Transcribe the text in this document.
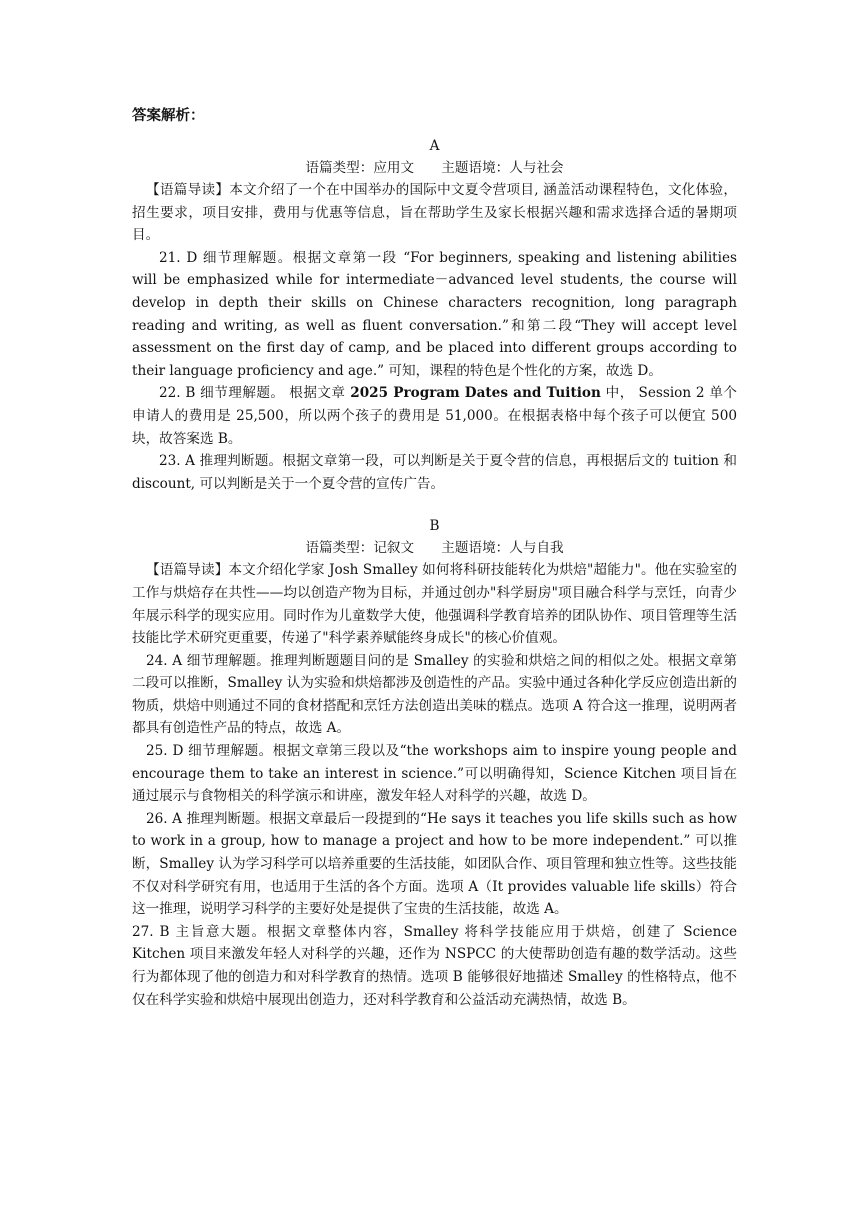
答案解析：
A
语篇类型：应用文　　主题语境：人与社会

【语篇导读】本文介绍了一个在中国举办的国际中文夏令营项目, 涵盖活动课程特色，文化体验，招生要求，项目安排，费用与优惠等信息，旨在帮助学生及家长根据兴趣和需求选择合适的暑期项目。

21. D 细节理解题。根据文章第一段 “For beginners, speaking and listening abilities will be emphasized while for intermediate－advanced level students, the course will develop in depth their skills on Chinese characters recognition, long paragraph reading and writing, as well as fluent conversation.”和第二段“They will accept level assessment on the first day of camp, and be placed into different groups according to their language proficiency and age.” 可知，课程的特色是个性化的方案，故选 D。

22. B 细节理解题。 根据文章 2025 Program Dates and Tuition 中， Session 2 单个申请人的费用是 25,500，所以两个孩子的费用是 51,000。在根据表格中每个孩子可以便宜 500 块，故答案选 B。

23. A 推理判断题。根据文章第一段，可以判断是关于夏令营的信息，再根据后文的 tuition 和 discount, 可以判断是关于一个夏令营的宣传广告。

B
语篇类型：记叙文　　主题语境：人与自我

【语篇导读】本文介绍化学家 Josh Smalley 如何将科研技能转化为烘焙"超能力"。他在实验室的工作与烘焙存在共性——均以创造产物为目标，并通过创办"科学厨房"项目融合科学与烹饪，向青少年展示科学的现实应用。同时作为儿童数学大使，他强调科学教育培养的团队协作、项目管理等生活技能比学术研究更重要，传递了"科学素养赋能终身成长"的核心价值观。

24. A 细节理解题。推理判断题题目问的是 Smalley 的实验和烘焙之间的相似之处。根据文章第二段可以推断，Smalley 认为实验和烘焙都涉及创造性的产品。实验中通过各种化学反应创造出新的物质，烘焙中则通过不同的食材搭配和烹饪方法创造出美味的糕点。选项 A 符合这一推理，说明两者都具有创造性产品的特点，故选 A。

25. D 细节理解题。根据文章第三段以及“the workshops aim to inspire young people and encourage them to take an interest in science.”可以明确得知，Science Kitchen 项目旨在通过展示与食物相关的科学演示和讲座，激发年轻人对科学的兴趣，故选 D。

26. A 推理判断题。根据文章最后一段提到的“He says it teaches you life skills such as how to work in a group, how to manage a project and how to be more independent.” 可以推断，Smalley 认为学习科学可以培养重要的生活技能，如团队合作、项目管理和独立性等。这些技能不仅对科学研究有用，也适用于生活的各个方面。选项 A（It provides valuable life skills）符合这一推理，说明学习科学的主要好处是提供了宝贵的生活技能，故选 A。

27. B 主旨意大题。根据文章整体内容，Smalley 将科学技能应用于烘焙，创建了 Science Kitchen 项目来激发年轻人对科学的兴趣，还作为 NSPCC 的大使帮助创造有趣的数学活动。这些行为都体现了他的创造力和对科学教育的热情。选项 B 能够很好地描述 Smalley 的性格特点，他不仅在科学实验和烘焙中展现出创造力，还对科学教育和公益活动充满热情，故选 B。
